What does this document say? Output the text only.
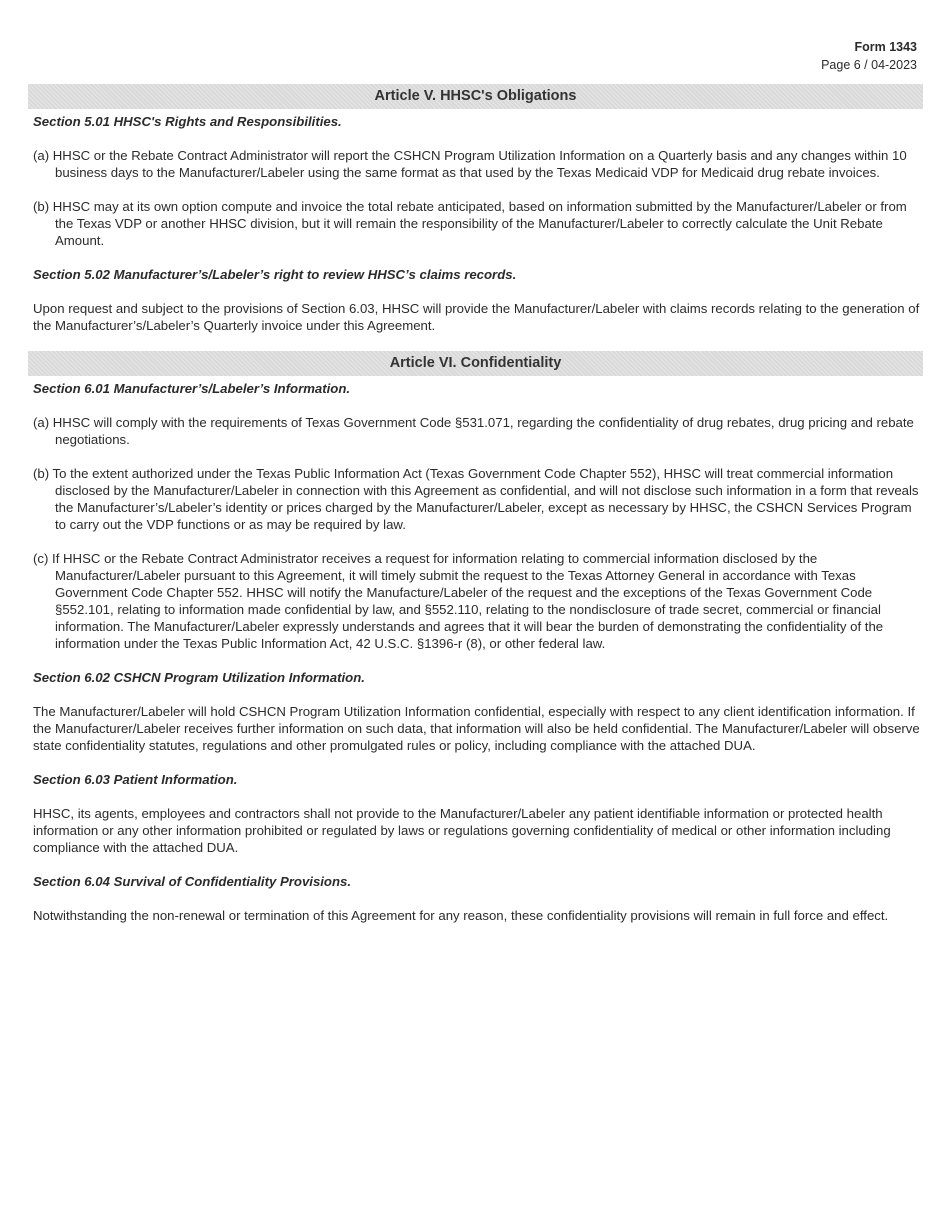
Form 1343
Page 6 / 04-2023
Article V. HHSC's Obligations
Section 5.01 HHSC's Rights and Responsibilities.
(a) HHSC or the Rebate Contract Administrator will report the CSHCN Program Utilization Information on a Quarterly basis and any changes within 10 business days to the Manufacturer/Labeler using the same format as that used by the Texas Medicaid VDP for Medicaid drug rebate invoices.
(b) HHSC may at its own option compute and invoice the total rebate anticipated, based on information submitted by the Manufacturer/Labeler or from the Texas VDP or another HHSC division, but it will remain the responsibility of the Manufacturer/Labeler to correctly calculate the Unit Rebate Amount.
Section 5.02 Manufacturer’s/Labeler’s right to review HHSC’s claims records.
Upon request and subject to the provisions of Section 6.03, HHSC will provide the Manufacturer/Labeler with claims records relating to the generation of the Manufacturer’s/Labeler’s Quarterly invoice under this Agreement.
Article VI. Confidentiality
Section 6.01 Manufacturer’s/Labeler’s Information.
(a) HHSC will comply with the requirements of Texas Government Code §531.071, regarding the confidentiality of drug rebates, drug pricing and rebate negotiations.
(b) To the extent authorized under the Texas Public Information Act (Texas Government Code Chapter 552), HHSC will treat commercial information disclosed by the Manufacturer/Labeler in connection with this Agreement as confidential, and will not disclose such information in a form that reveals the Manufacturer’s/Labeler’s identity or prices charged by the Manufacturer/Labeler, except as necessary by HHSC, the CSHCN Services Program to carry out the VDP functions or as may be required by law.
(c) If HHSC or the Rebate Contract Administrator receives a request for information relating to commercial information disclosed by the Manufacturer/Labeler pursuant to this Agreement, it will timely submit the request to the Texas Attorney General in accordance with Texas Government Code Chapter 552. HHSC will notify the Manufacture/Labeler of the request and the exceptions of the Texas Government Code §552.101, relating to information made confidential by law, and §552.110, relating to the nondisclosure of trade secret, commercial or financial information. The Manufacturer/Labeler expressly understands and agrees that it will bear the burden of demonstrating the confidentiality of the information under the Texas Public Information Act, 42 U.S.C. §1396-r (8), or other federal law.
Section 6.02 CSHCN Program Utilization Information.
The Manufacturer/Labeler will hold CSHCN Program Utilization Information confidential, especially with respect to any client identification information. If the Manufacturer/Labeler receives further information on such data, that information will also be held confidential. The Manufacturer/Labeler will observe state confidentiality statutes, regulations and other promulgated rules or policy, including compliance with the attached DUA.
Section 6.03 Patient Information.
HHSC, its agents, employees and contractors shall not provide to the Manufacturer/Labeler any patient identifiable information or protected health information or any other information prohibited or regulated by laws or regulations governing confidentiality of medical or other information including compliance with the attached DUA.
Section 6.04 Survival of Confidentiality Provisions.
Notwithstanding the non-renewal or termination of this Agreement for any reason, these confidentiality provisions will remain in full force and effect.
